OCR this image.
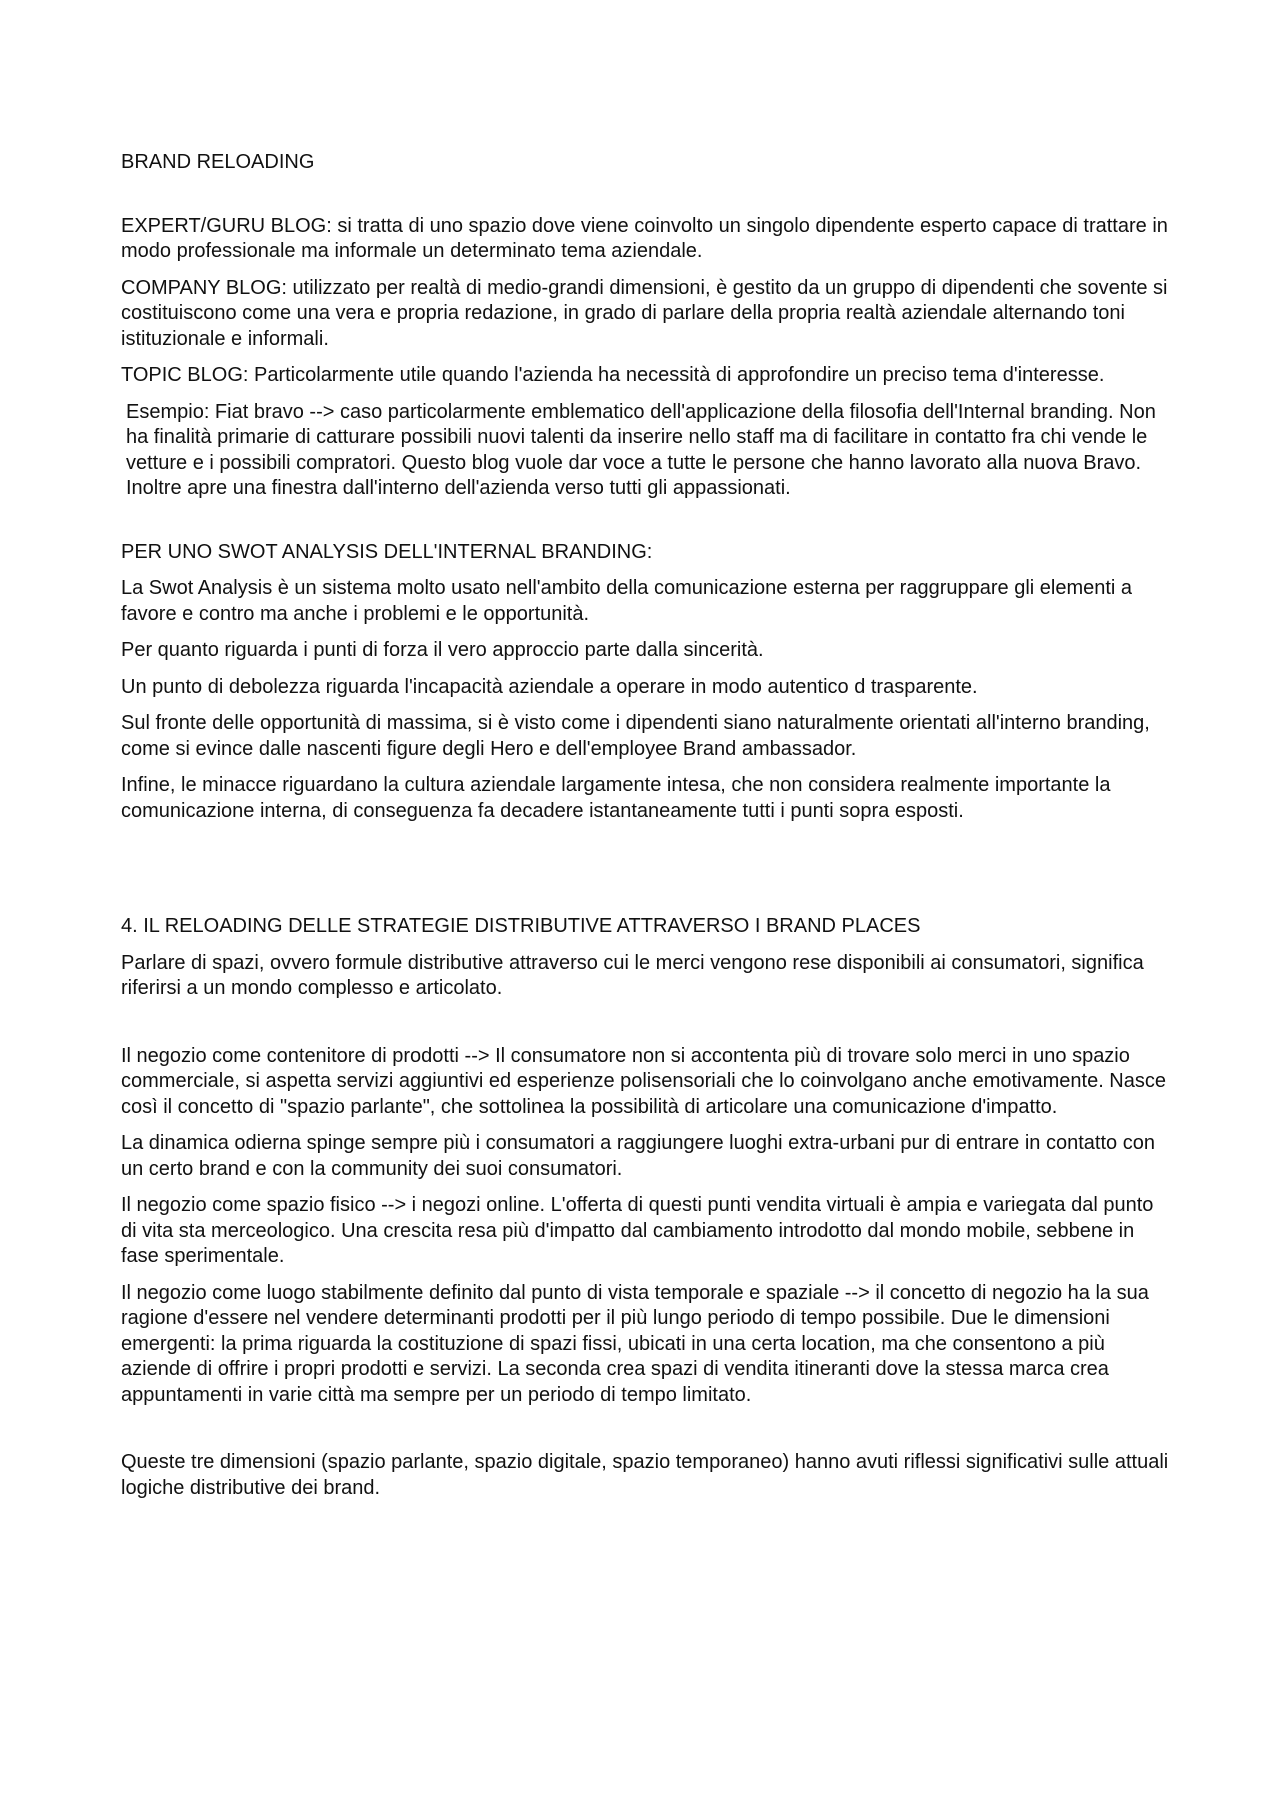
BRAND RELOADING

EXPERT/GURU BLOG: si tratta di uno spazio dove viene coinvolto un singolo dipendente esperto capace di trattare in modo professionale ma informale un determinato tema aziendale.

COMPANY BLOG: utilizzato per realtà di medio-grandi dimensioni, è gestito da un gruppo di dipendenti che sovente si costituiscono come una vera e propria redazione, in grado di parlare della propria realtà aziendale alternando toni istituzionale e informali.

TOPIC BLOG: Particolarmente utile quando l'azienda ha necessità di approfondire un preciso tema d'interesse.

Esempio: Fiat bravo --> caso particolarmente emblematico dell'applicazione della filosofia dell'Internal branding. Non ha finalità primarie di catturare possibili nuovi talenti da inserire nello staff ma di facilitare in contatto fra chi vende le vetture e i possibili compratori. Questo blog vuole dar voce a tutte le persone che hanno lavorato alla nuova Bravo. Inoltre apre una finestra dall'interno dell'azienda verso tutti gli appassionati.

PER UNO SWOT ANALYSIS DELL'INTERNAL BRANDING:

La Swot Analysis è un sistema molto usato nell'ambito della comunicazione esterna per raggruppare gli elementi a favore e contro ma anche i problemi e le opportunità.

Per quanto riguarda i punti di forza il vero approccio parte dalla sincerità.

Un punto di debolezza riguarda l'incapacità aziendale a operare in modo autentico d trasparente.

Sul fronte delle opportunità di massima, si è visto come i dipendenti siano naturalmente orientati all'interno branding, come si evince dalle nascenti figure degli Hero e dell'employee Brand ambassador.

Infine, le minacce riguardano la cultura aziendale largamente intesa, che non considera realmente importante la comunicazione interna, di conseguenza fa decadere istantaneamente tutti i punti sopra esposti.

4. IL RELOADING DELLE STRATEGIE DISTRIBUTIVE ATTRAVERSO I BRAND PLACES

Parlare di spazi, ovvero formule distributive attraverso cui le merci vengono rese disponibili ai consumatori, significa riferirsi a un mondo complesso e articolato.

Il negozio come contenitore di prodotti --> Il consumatore non si accontenta più di trovare solo merci in uno spazio commerciale, si aspetta servizi aggiuntivi ed esperienze polisensoriali che lo coinvolgano anche emotivamente. Nasce così il concetto di "spazio parlante", che sottolinea la possibilità di articolare una comunicazione d'impatto.

La dinamica odierna spinge sempre più i consumatori a raggiungere luoghi extra-urbani pur di entrare in contatto con un certo brand e con la community dei suoi consumatori.

Il negozio come spazio fisico --> i negozi online. L'offerta di questi punti vendita virtuali è ampia e variegata dal punto di vita sta merceologico. Una crescita resa più d'impatto dal cambiamento introdotto dal mondo mobile, sebbene in fase sperimentale.

Il negozio come luogo stabilmente definito dal punto di vista temporale e spaziale --> il concetto di negozio ha la sua ragione d'essere nel vendere determinanti prodotti per il più lungo periodo di tempo possibile. Due le dimensioni emergenti: la prima riguarda la costituzione di spazi fissi, ubicati in una certa location, ma che consentono a più aziende di offrire i propri prodotti e servizi. La seconda crea spazi di vendita itineranti dove la stessa marca crea appuntamenti in varie città ma sempre per un periodo di tempo limitato.

Queste tre dimensioni (spazio parlante, spazio digitale, spazio temporaneo) hanno avuti riflessi significativi sulle attuali logiche distributive dei brand.
